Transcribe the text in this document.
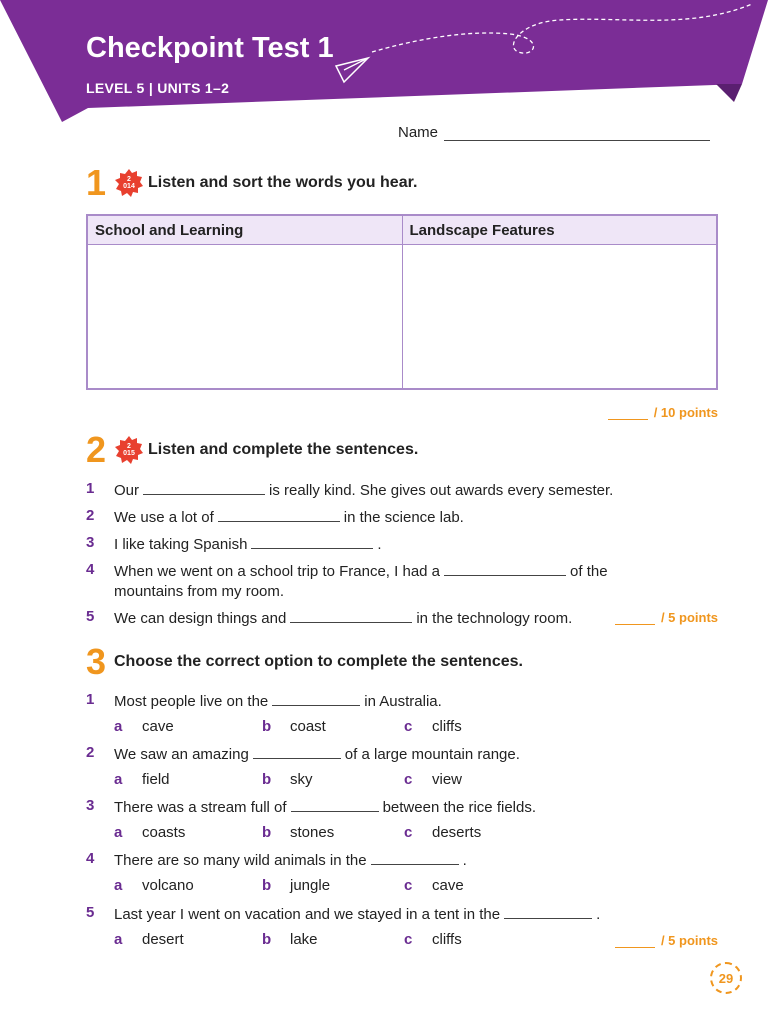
Checkpoint Test 1
LEVEL 5 | UNITS 1–2
Name
1	2 014 Listen and sort the words you hear.
School and Learning	Landscape Features

/ 10 points
2	2 015 Listen and complete the sentences.
1	Our	is really kind. She gives out awards every semester.
2	We use a lot of	in the science lab.
3	I like taking Spanish	.
4	When we went on a school trip to France, I had a	of the mountains from my room.
5	We can design things and	in the technology room.	/ 5 points
3 Choose the correct option to complete the sentences.
1	Most people live on the	in Australia.
a cave	b coast	c cliffs
2	We saw an amazing	of a large mountain range.
a field	b sky	c view
3	There was a stream full of	between the rice fields.
a coasts	b stones	c deserts
4	There are so many wild animals in the	.
a volcano	b jungle	c cave
5	Last year I went on vacation and we stayed in a tent in the	.
a desert	b lake	c cliffs	/ 5 points
29
